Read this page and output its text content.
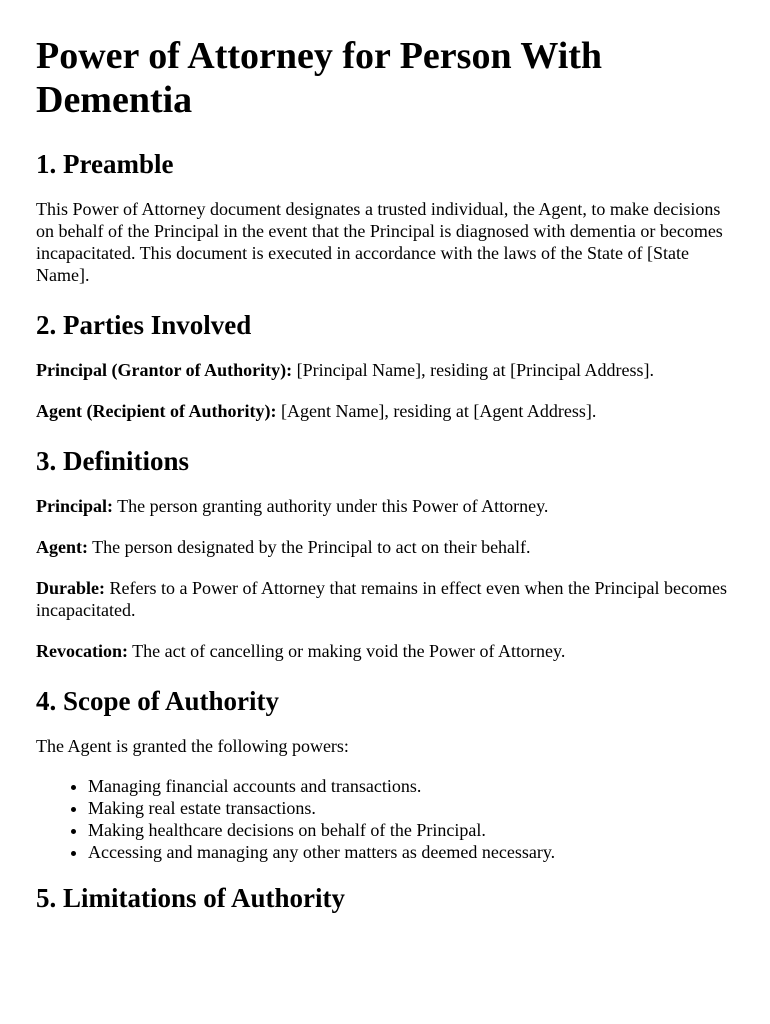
Power of Attorney for Person With Dementia
1. Preamble

This Power of Attorney document designates a trusted individual, the Agent, to make decisions on behalf of the Principal in the event that the Principal is diagnosed with dementia or becomes incapacitated. This document is executed in accordance with the laws of the State of [State Name].

2. Parties Involved

Principal (Grantor of Authority): [Principal Name], residing at [Principal Address].

Agent (Recipient of Authority): [Agent Name], residing at [Agent Address].

3. Definitions

Principal: The person granting authority under this Power of Attorney.

Agent: The person designated by the Principal to act on their behalf.

Durable: Refers to a Power of Attorney that remains in effect even when the Principal becomes incapacitated.

Revocation: The act of cancelling or making void the Power of Attorney.

4. Scope of Authority

The Agent is granted the following powers:

• Managing financial accounts and transactions.
• Making real estate transactions.
• Making healthcare decisions on behalf of the Principal.
• Accessing and managing any other matters as deemed necessary.
5. Limitations of Authority
